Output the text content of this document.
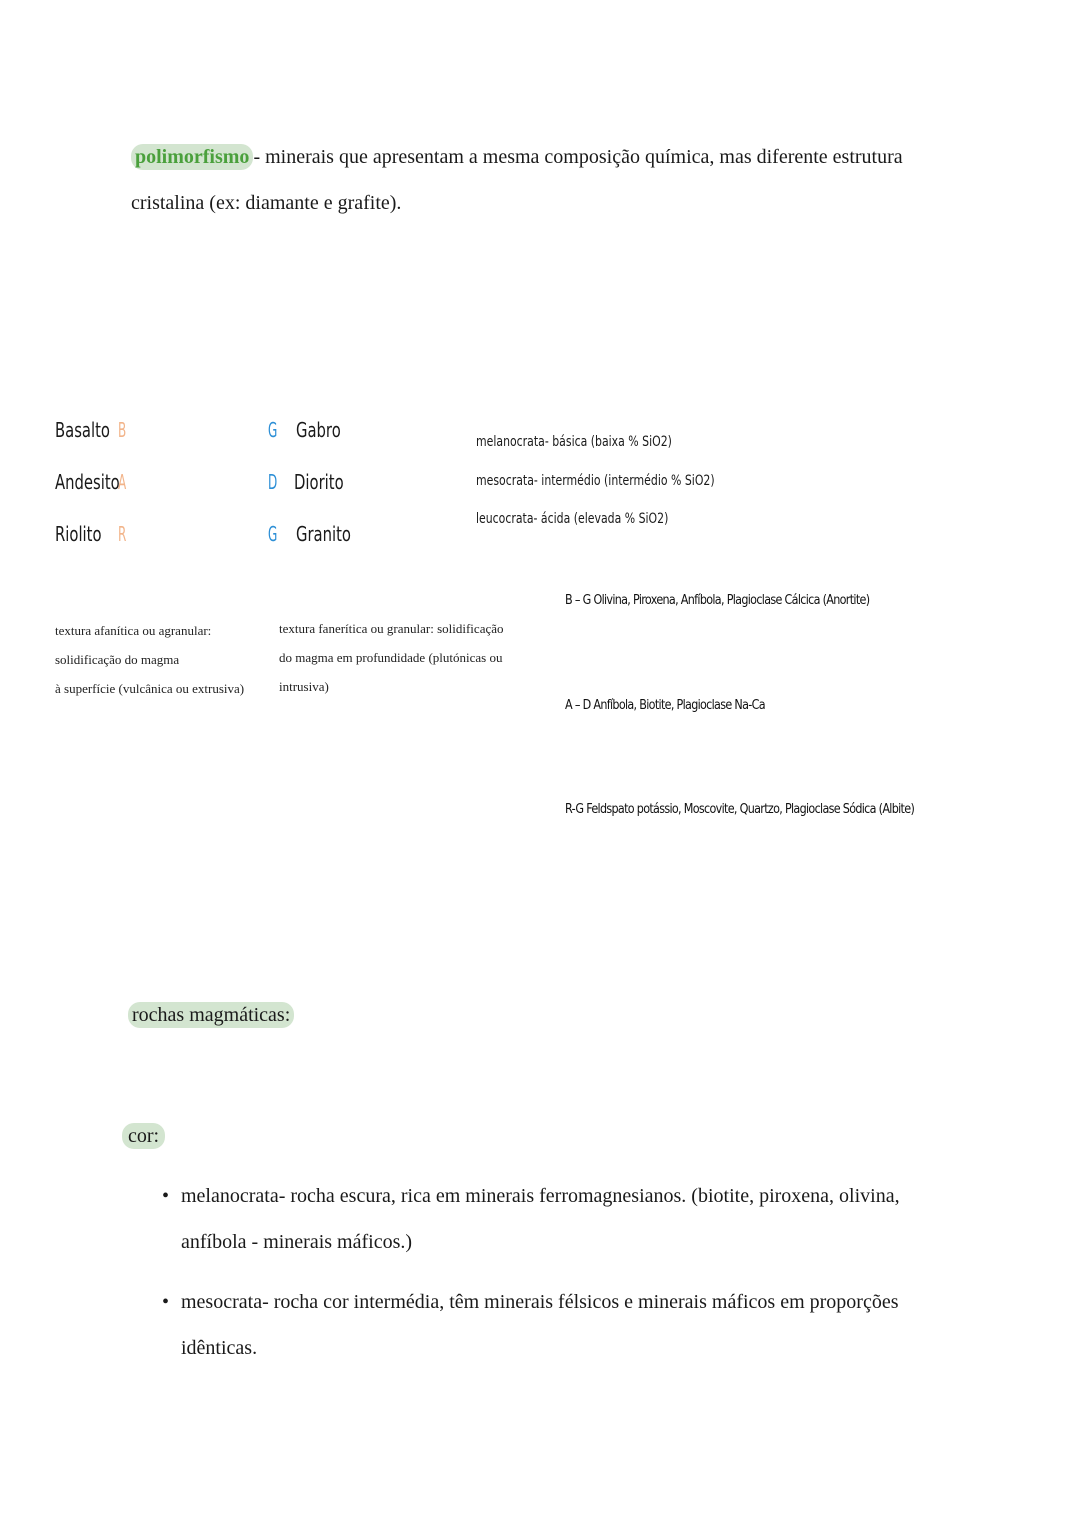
polimorfismo - minerais que apresentam a mesma composição química, mas diferente estrutura cristalina (ex: diamante e grafite).
Basalto B
Andesito
A
Riolito R
G Gabro
D Diorito
G Granito
melanocrata- básica (baixa % SiO2)
mesocrata- intermédio (intermédio % SiO2)
leucocrata- ácida (elevada % SiO2)
textura afanítica ou agranular:
solidificação do magma
à superfície (vulcânica ou extrusiva)
textura fanerítica ou granular: solidificação
do magma em profundidade (plutónicas ou
intrusiva)
B – G Olivina, Piroxena, Anfíbola, Plagioclase Cálcica (Anortite)
A – D Anfíbola, Biotite, Plagioclase Na-Ca
R-G Feldspato potássio, Moscovite, Quartzo, Plagioclase Sódica (Albite)
rochas magmáticas:
cor:
• melanocrata- rocha escura, rica em minerais ferromagnesianos. (biotite, piroxena, olivina, anfíbola - minerais máficos.)
• mesocrata- rocha cor intermédia, têm minerais félsicos e minerais máficos em proporções idênticas.
